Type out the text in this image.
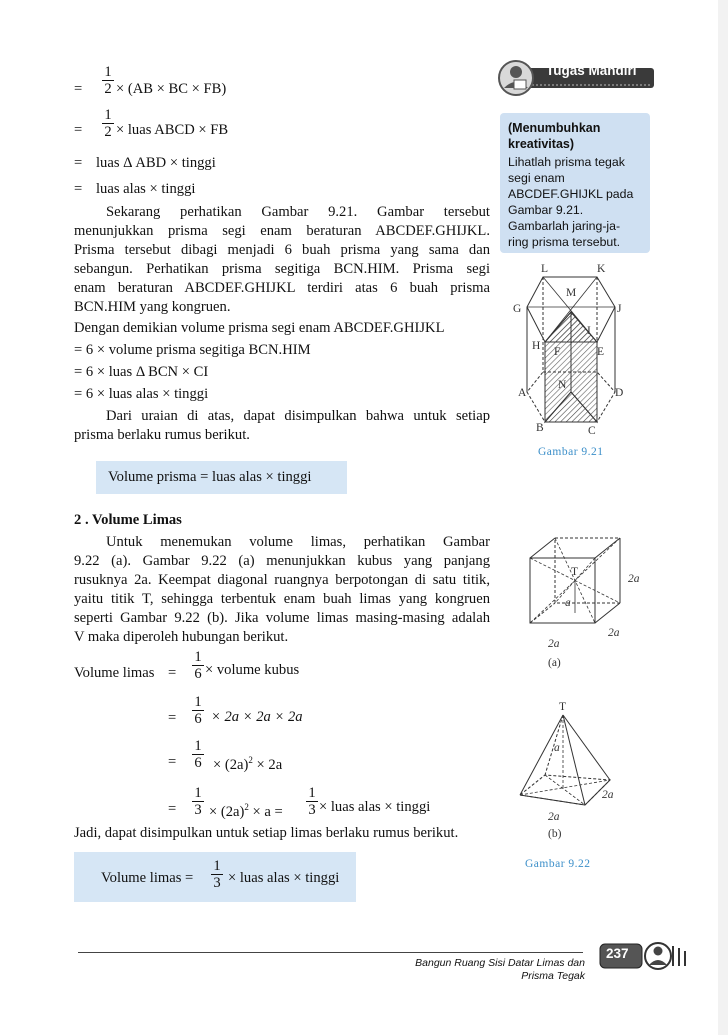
=
1
2 × (AB × BC × FB)
=
1
2 × luas ABCD × FB
= luas Δ ABD × tinggi
= luas alas × tinggi
Sekarang perhatikan Gambar 9.21. Gambar tersebut
menunjukkan prisma segi enam beraturan ABCDEF.GHIJKL.
Prisma tersebut dibagi menjadi 6 buah prisma yang sama dan
sebangun. Perhatikan prisma segitiga BCN.HIM. Prisma segi
enam beraturan ABCDEF.GHIJKL terdiri atas 6 buah prisma
BCN.HIM yang kongruen.
Dengan demikian volume prisma segi enam ABCDEF.GHIJKL
= 6 × volume prisma segitiga BCN.HIM
= 6 × luas Δ BCN × CI
= 6 × luas alas × tinggi
Dari uraian di atas, dapat disimpulkan bahwa untuk setiap
prisma berlaku rumus berikut.
Volume prisma = luas alas × tinggi
2 . Volume Limas
Untuk menemukan volume limas, perhatikan Gambar
9.22 (a). Gambar 9.22 (a) menunjukkan kubus yang panjang
rusuknya 2a. Keempat diagonal ruangnya berpotongan di satu titik,
yaitu titik T, sehingga terbentuk enam buah limas yang kongruen
seperti Gambar 9.22 (b). Jika volume limas masing-masing adalah
V maka diperoleh hubungan berikut.
Volume limas =
1
6 × volume kubus
=
1
6 × 2a × 2a × 2a
=
1
$6 \times (2a)^2 \times 2a$
=
1
$3 \times (2a)^2 \times a$ =
1
3 × luas alas × tinggi
Jadi, dapat disimpulkan untuk setiap limas berlaku rumus berikut.
Volume limas =
1
3 × luas alas × tinggi
Tugas Mandiri
(Menumbuhkan
kreativitas)
Lihatlah prisma tegak
segi enam
ABCDEF.GHIJKL pada
Gambar 9.21.
Gambarlah jaring-ja-
ring prisma tersebut.
L	K
M
G	J
I
H F	E
N
A	D
B	C
Gambar 9.21
T
a
2a
2a
2a
(a)
T
a
2a
2a
(b)
Gambar 9.22
Bangun Ruang Sisi Datar Limas dan
Prisma Tegak
237
